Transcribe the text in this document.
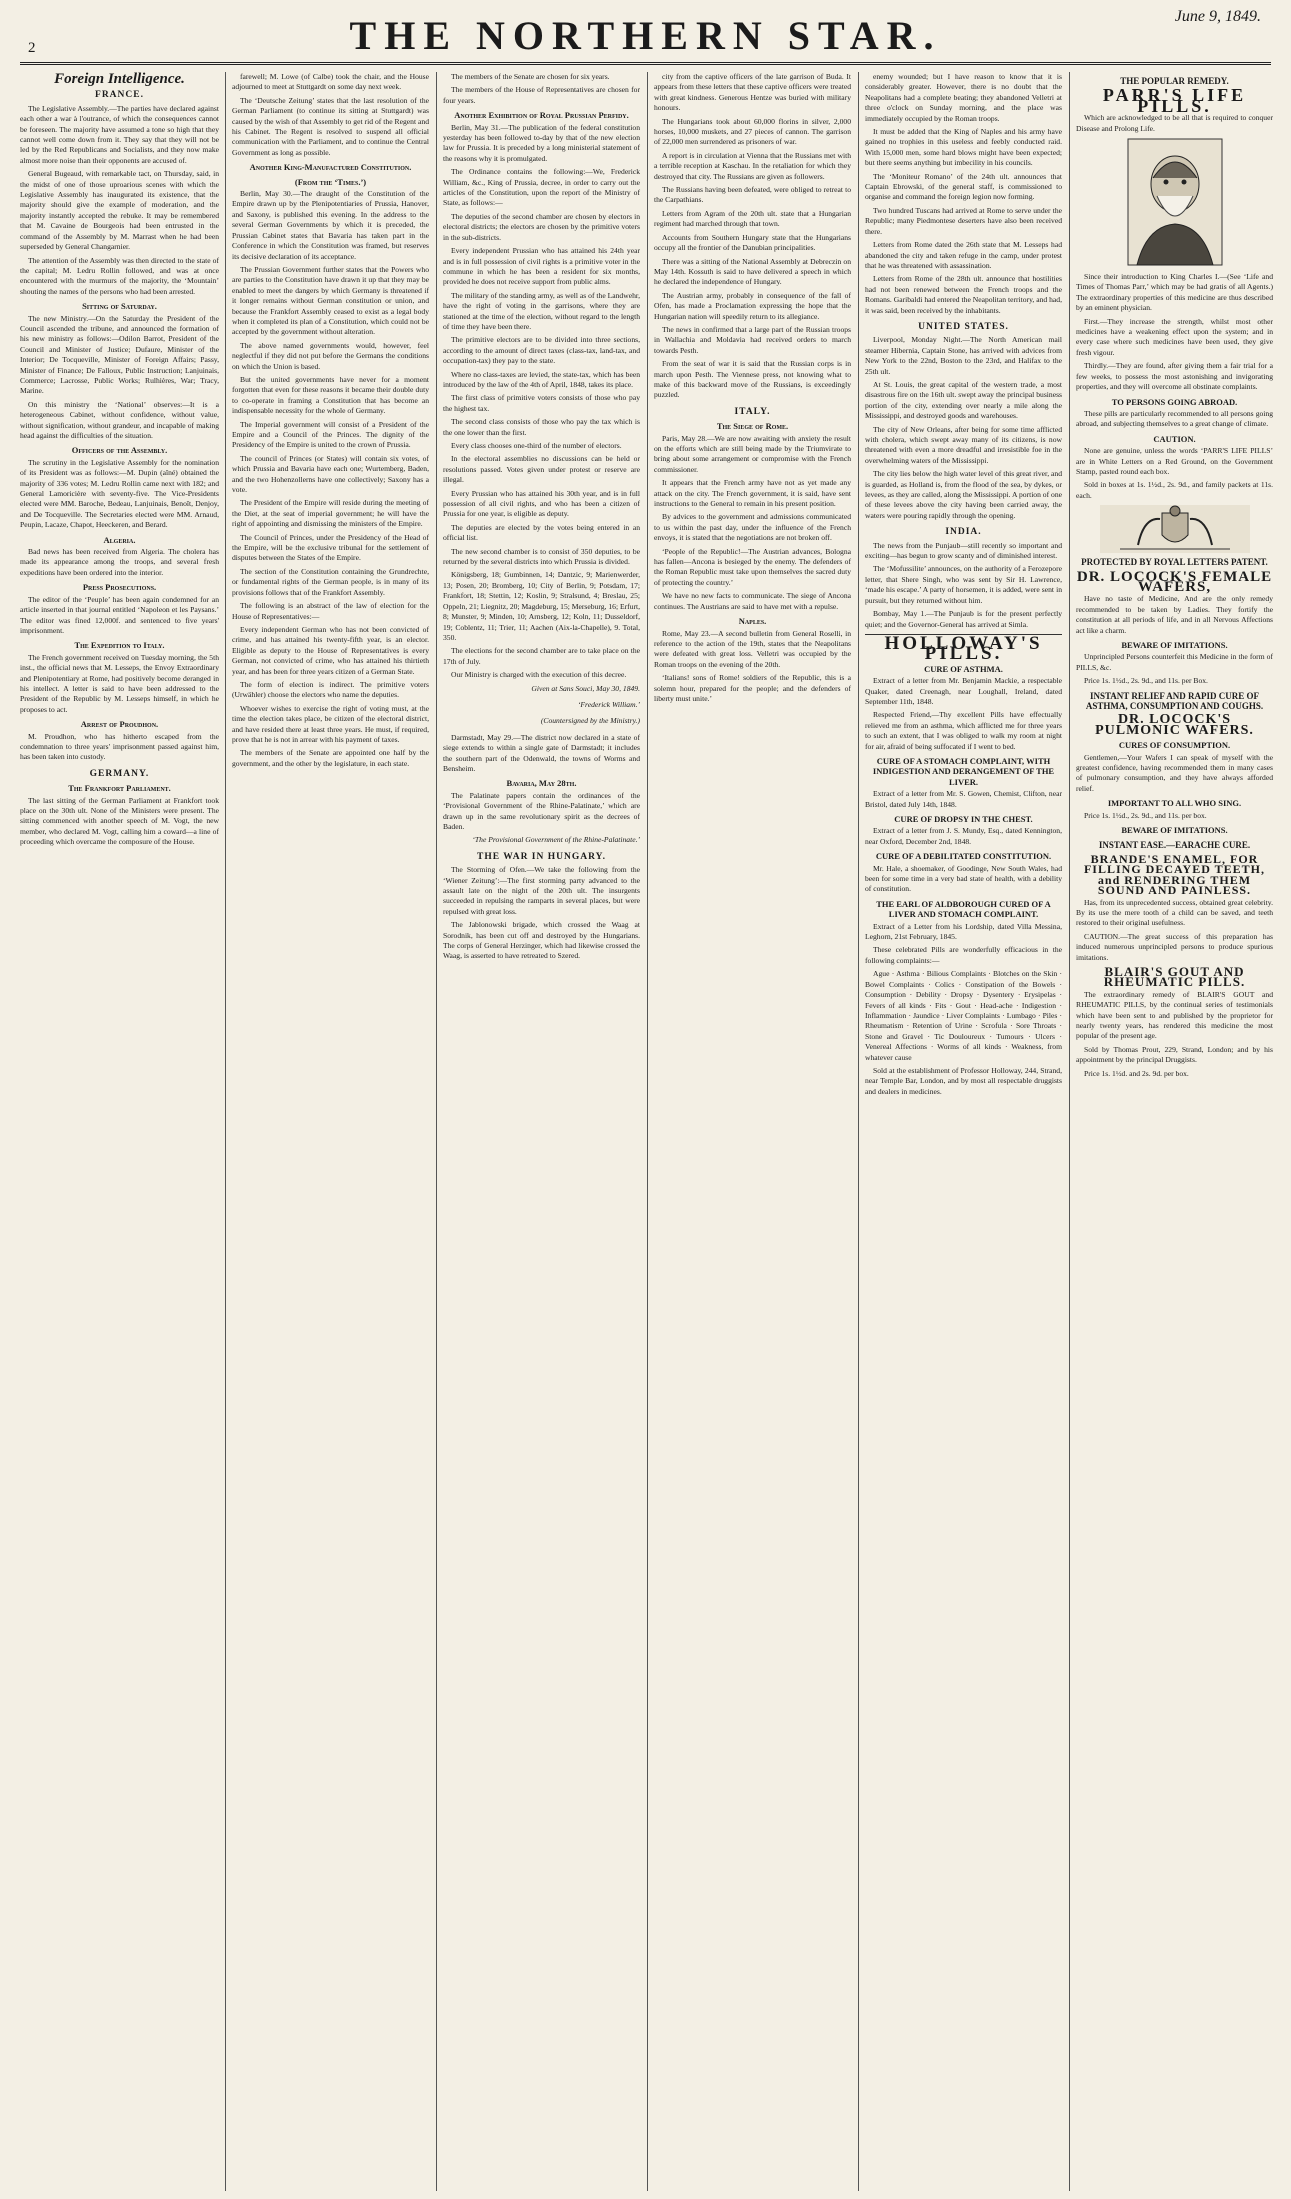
2	THE NORTHERN STAR.	June 9, 1849.
Foreign Intelligence.
FRANCE.

The Legislative Assembly.—The parties have declared against each other a war à l'outrance, of which the consequences cannot be foreseen. The majority have assumed a tone so high that they cannot well come down from it. They say that they will not be led by the Red Republicans and Socialists, and they now make almost more noise than their opponents are accused of.

General Bugeaud, with remarkable tact, on Thursday, said, in the midst of one of those uproarious scenes with which the Legislative Assembly has inaugurated its existence, that the majority should give the example of moderation, and the majority instantly accepted the rebuke. It may be remembered that M. Cavaine de Bourgeois had been entrusted in the command of the Assembly by M. Marrast when he had been superseded by General Changarnier.

The attention of the Assembly was then directed to the state of the capital; M. Ledru Rollin followed, and was at once encountered with the murmurs of the majority, the ‘Mountain’ shouting the names of the persons who had been arrested.

Sitting of Saturday.

The new Ministry.—On the Saturday the President of the Council ascended the tribune, and announced the formation of his new ministry as follows:—Odilon Barrot, President of the Council and Minister of Justice; Dufaure, Minister of the Interior; De Tocqueville, Minister of Foreign Affairs; Passy, Minister of Finance; De Falloux, Public Instruction; Lanjuinais, Commerce; Lacrosse, Public Works; Rulhières, War; Tracy, Marine.

On this ministry the ‘National’ observes:—It is a heterogeneous Cabinet, without confidence, without value, without signification, without grandeur, and incapable of making head against the difficulties of the situation.

Officers of the Assembly.

The scrutiny in the Legislative Assembly for the nomination of its President was as follows:—M. Dupin (aîné) obtained the majority of 336 votes; M. Ledru Rollin came next with 182; and General Lamoricière with seventy-five. The Vice-Presidents elected were MM. Baroche, Bedeau, Lanjuinais, Benoît, Denjoy, and De Tocqueville. The Secretaries elected were MM. Arnaud, Peupin, Lacaze, Chapot, Heeckeren, and Berard.

Algeria.

Bad news has been received from Algeria. The cholera has made its appearance among the troops, and several fresh expeditions have been ordered into the interior.

Press Prosecutions.

The editor of the ‘Peuple’ has been again condemned for an article inserted in that journal entitled ‘Napoleon et les Paysans.’ The editor was fined 12,000f. and sentenced to five years' imprisonment.

The Expedition to Italy.

The French government received on Tuesday morning, the 5th inst., the official news that M. Lesseps, the Envoy Extraordinary and Plenipotentiary at Rome, had positively become deranged in his intellect. A letter is said to have been addressed to the President of the Republic by M. Lesseps himself, in which he proposes to act.

Arrest of Proudhon.

M. Proudhon, who has hitherto escaped from the condemnation to three years' imprisonment passed against him, has been taken into custody.

GERMANY.
The Frankfort Parliament.

The last sitting of the German Parliament at Frankfort took place on the 30th ult. None of the Ministers were present. The sitting commenced with another speech of M. Vogt, the new member, who declared M. Vogt, calling him a coward—a line of proceeding which overcame the composure of the House.

farewell; M. Lowe (of Calbe) took the chair, and the House adjourned to meet at Stuttgardt on some day next week.

The ‘Deutsche Zeitung’ states that the last resolution of the German Parliament (to continue its sitting at Stuttgardt) was caused by the wish of that Assembly to get rid of the Regent and his Cabinet. The Regent is resolved to suspend all official communication with the Parliament, and to continue the Central Government as long as possible.

Another King-Manufactured Constitution.
(From the ‘Times.’)

Berlin, May 30.—The draught of the Constitution of the Empire drawn up by the Plenipotentiaries of Prussia, Hanover, and Saxony, is published this evening. In the address to the several German Governments by which it is preceded, the Prussian Cabinet states that Bavaria has taken part in the Conference in which the Constitution was framed, but reserves its decisive declaration of its acceptance.

The Prussian Government further states that the Powers who are parties to the Constitution have drawn it up that they may be enabled to meet the dangers by which Germany is threatened if it longer remains without German constitution or union, and because the Frankfort Assembly ceased to exist as a legal body when it completed its plan of a Constitution, which could not be accepted by the government without alteration.

The above named governments would, however, feel neglectful if they did not put before the Germans the conditions on which the Union is based.

But the united governments have never for a moment forgotten that even for these reasons it became their double duty to co-operate in framing a Constitution that has become an indispensable necessity for the whole of Germany.

The Imperial government will consist of a President of the Empire and a Council of the Princes. The dignity of the Presidency of the Empire is united to the crown of Prussia.

The council of Princes (or States) will contain six votes, of which Prussia and Bavaria have each one; Wurtemberg, Baden, and the two Hohenzollerns have one collectively; Saxony has a vote.

The President of the Empire will reside during the meeting of the Diet, at the seat of imperial government; he will have the right of appointing and dismissing the ministers of the Empire.

The Council of Princes, under the Presidency of the Head of the Empire, will be the exclusive tribunal for the settlement of disputes between the States of the Empire.

The section of the Constitution containing the Grundrechte, or fundamental rights of the German people, is in many of its provisions follows that of the Frankfort Assembly.

The following is an abstract of the law of election for the House of Representatives:—

Every independent German who has not been convicted of crime, and has attained his twenty-fifth year, is an elector. Eligible as deputy to the House of Representatives is every German, not convicted of crime, who has attained his thirtieth year, and has been for three years citizen of a German State.

The form of election is indirect. The primitive voters (Urwähler) choose the electors who name the deputies.

Whoever wishes to exercise the right of voting must, at the time the election takes place, be citizen of the electoral district, and have resided there at least three years. He must, if required, prove that he is not in arrear with his payment of taxes.

The members of the Senate are appointed one half by the government, and the other by the legislature, in each state.

The members of the Senate are chosen for six years.

The members of the House of Representatives are chosen for four years.

Another Exhibition of Royal Prussian Perfidy.

Berlin, May 31.—The publication of the federal constitution yesterday has been followed to-day by that of the new election law for Prussia. It is preceded by a long ministerial statement of the reasons why it is promulgated.

The Ordinance contains the following:—We, Frederick William, &c., King of Prussia, decree, in order to carry out the articles of the Constitution, upon the report of the Ministry of State, as follows:—

The deputies of the second chamber are chosen by electors in electoral districts; the electors are chosen by the primitive voters in the sub-districts.

Every independent Prussian who has attained his 24th year and is in full possession of civil rights is a primitive voter in the commune in which he has been a resident for six months, provided he does not receive support from public alms.

The military of the standing army, as well as of the Landwehr, have the right of voting in the garrisons, where they are stationed at the time of the election, without regard to the length of time they have been there.

The primitive electors are to be divided into three sections, according to the amount of direct taxes (class-tax, land-tax, and occupation-tax) they pay to the state.

Where no class-taxes are levied, the state-tax, which has been introduced by the law of the 4th of April, 1848, takes its place.

The first class of primitive voters consists of those who pay the highest tax.

The second class consists of those who pay the tax which is the one lower than the first.

Every class chooses one-third of the number of electors.

In the electoral assemblies no discussions can be held or resolutions passed. Votes given under protest or reserve are illegal.

Every Prussian who has attained his 30th year, and is in full possession of all civil rights, and who has been a citizen of Prussia for one year, is eligible as deputy.

The deputies are elected by the votes being entered in an official list.

The new second chamber is to consist of 350 deputies, to be returned by the several districts into which Prussia is divided.

Königsberg, 18; Gumbinnen, 14; Dantzic, 9; Marienwerder, 13; Posen, 20; Bromberg, 10; City of Berlin, 9; Potsdam, 17; Frankfort, 18; Stettin, 12; Koslin, 9; Stralsund, 4; Breslau, 25; Oppeln, 21; Liegnitz, 20; Magdeburg, 15; Merseburg, 16; Erfurt, 8; Munster, 9; Minden, 10; Arnsberg, 12; Koln, 11; Dusseldorf, 19; Coblentz, 11; Trier, 11; Aachen (Aix-la-Chapelle), 9. Total, 350.

The elections for the second chamber are to take place on the 17th of July.

Our Ministry is charged with the execution of this decree.

Given at Sans Souci, May 30, 1849.
‘Frederick William.’
(Countersigned by the Ministry.)

Darmstadt, May 29.—The district now declared in a state of siege extends to within a single gate of Darmstadt; it includes the southern part of the Odenwald, the towns of Worms and Bensheim.

Bavaria, May 28th.

The Palatinate papers contain the ordinances of the ‘Provisional Government of the Rhine-Palatinate,’ which are drawn up in the same revolutionary spirit as the decrees of Baden.

‘The Provisional Government of the Rhine-Palatinate.’
THE WAR IN HUNGARY.

The Storming of Ofen.—We take the following from the ‘Wiener Zeitung’:—The first storming party advanced to the assault late on the night of the 20th ult. The insurgents succeeded in repulsing the ramparts in several places, but were repulsed with great loss.

The Jablonowski brigade, which crossed the Waag at Sorodnik, has been cut off and destroyed by the Hungarians. The corps of General Herzinger, which had likewise crossed the Waag, is asserted to have retreated to Szered.

city from the captive officers of the late garrison of Buda. It appears from these letters that these captive officers were treated with great kindness. Generous Hentze was buried with military honours.

The Hungarians took about 60,000 florins in silver, 2,000 horses, 10,000 muskets, and 27 pieces of cannon. The garrison of 22,000 men surrendered as prisoners of war.

A report is in circulation at Vienna that the Russians met with a terrible reception at Kaschau. In the retaliation for which they destroyed that city. The Russians are given as followers.

The Russians having been defeated, were obliged to retreat to the Carpathians.

Letters from Agram of the 20th ult. state that a Hungarian regiment had marched through that town.

Accounts from Southern Hungary state that the Hungarians occupy all the frontier of the Danubian principalities.

There was a sitting of the National Assembly at Debreczin on May 14th. Kossuth is said to have delivered a speech in which he declared the independence of Hungary.

The Austrian army, probably in consequence of the fall of Ofen, has made a Proclamation expressing the hope that the Hungarian nation will speedily return to its allegiance.

The news in confirmed that a large part of the Russian troops in Wallachia and Moldavia had received orders to march towards Pesth.

From the seat of war it is said that the Russian corps is in march upon Pesth. The Viennese press, not knowing what to make of this backward move of the Russians, is exceedingly puzzled.

ITALY.
The Siege of Rome.

Paris, May 28.—We are now awaiting with anxiety the result on the efforts which are still being made by the Triumvirate to bring about some arrangement or compromise with the French commissioner.

It appears that the French army have not as yet made any attack on the city. The French government, it is said, have sent instructions to the General to remain in his present position.

By advices to the government and admissions communicated to us within the past day, under the influence of the French envoys, it is stated that the negotiations are not broken off.

‘People of the Republic!—The Austrian advances, Bologna has fallen—Ancona is besieged by the enemy. The defenders of the Roman Republic must take upon themselves the sacred duty of protecting the country.’

We have no new facts to communicate. The siege of Ancona continues. The Austrians are said to have met with a repulse.

Naples.

Rome, May 23.—A second bulletin from General Roselli, in reference to the action of the 19th, states that the Neapolitans were defeated with great loss. Velletri was occupied by the Roman troops on the evening of the 20th.

‘Italians! sons of Rome! soldiers of the Republic, this is a solemn hour, prepared for the people; and the defenders of liberty must unite.’

enemy wounded; but I have reason to know that it is considerably greater. However, there is no doubt that the Neapolitans had a complete beating; they abandoned Velletri at three o'clock on Sunday morning, and the place was immediately occupied by the Roman troops.

It must be added that the King of Naples and his army have gained no trophies in this useless and feebly conducted raid. With 15,000 men, some hard blows might have been expected; but there seems anything but imbecility in his councils.

The ‘Moniteur Romano’ of the 24th ult. announces that Captain Ebrowski, of the general staff, is commissioned to organise and command the foreign legion now forming.

Two hundred Tuscans had arrived at Rome to serve under the Republic; many Piedmontese deserters have also been received there.

Letters from Rome dated the 26th state that M. Lesseps had abandoned the city and taken refuge in the camp, under protest that he was threatened with assassination.

Letters from Rome of the 28th ult. announce that hostilities had not been renewed between the French troops and the Romans. Garibaldi had entered the Neapolitan territory, and had, it was said, been received by the inhabitants.

UNITED STATES.

Liverpool, Monday Night.—The North American mail steamer Hibernia, Captain Stone, has arrived with advices from New York to the 22nd, Boston to the 23rd, and Halifax to the 25th ult.

At St. Louis, the great capital of the western trade, a most disastrous fire on the 16th ult. swept away the principal business portion of the city, extending over nearly a mile along the Mississippi, and destroyed goods and warehouses.

The city of New Orleans, after being for some time afflicted with cholera, which swept away many of its citizens, is now threatened with even a more dreadful and irresistible foe in the overwhelming waters of the Mississippi.

The city lies below the high water level of this great river, and is guarded, as Holland is, from the flood of the sea, by dykes, or levees, as they are called, along the Mississippi. A portion of one of these levees above the city having been carried away, the waters were pouring rapidly through the opening.

INDIA.

The news from the Punjaub—still recently so important and exciting—has begun to grow scanty and of diminished interest.

The ‘Mofussilite’ announces, on the authority of a Ferozepore letter, that Shere Singh, who was sent by Sir H. Lawrence, ‘made his escape.’ A party of horsemen, it is added, were sent in pursuit, but they returned without him.

Bombay, May 1.—The Punjaub is for the present perfectly quiet; and the Governor-General has arrived at Simla.

HOLLOWAY'S PILLS.
CURE OF ASTHMA.

Extract of a letter from Mr. Benjamin Mackie, a respectable Quaker, dated Creenagh, near Loughall, Ireland, dated September 11th, 1848.

Respected Friend,—Thy excellent Pills have effectually relieved me from an asthma, which afflicted me for three years to such an extent, that I was obliged to walk my room at night for air, afraid of being suffocated if I went to bed.

CURE OF A STOMACH COMPLAINT, WITH INDIGESTION AND DERANGEMENT OF THE LIVER.

Extract of a letter from Mr. S. Gowen, Chemist, Clifton, near Bristol, dated July 14th, 1848.

CURE OF DROPSY IN THE CHEST.

Extract of a letter from J. S. Mundy, Esq., dated Kennington, near Oxford, December 2nd, 1848.

CURE OF A DEBILITATED CONSTITUTION.

Mr. Hale, a shoemaker, of Goodinge, New South Wales, had been for some time in a very bad state of health, with a debility of constitution.

THE EARL OF ALDBOROUGH CURED OF A LIVER AND STOMACH COMPLAINT.

Extract of a Letter from his Lordship, dated Villa Messina, Leghorn, 21st February, 1845.

These celebrated Pills are wonderfully efficacious in the following complaints:—

Ague · Asthma · Bilious Complaints · Blotches on the Skin · Bowel Complaints · Colics · Constipation of the Bowels · Consumption · Debility · Dropsy · Dysentery · Erysipelas · Fevers of all kinds · Fits · Gout · Head-ache · Indigestion · Inflammation · Jaundice · Liver Complaints · Lumbago · Piles · Rheumatism · Retention of Urine · Scrofula · Sore Throats · Stone and Gravel · Tic Douloureux · Tumours · Ulcers · Venereal Affections · Worms of all kinds · Weakness, from whatever cause

Sold at the establishment of Professor Holloway, 244, Strand, near Temple Bar, London, and by most all respectable druggists and dealers in medicines.

THE POPULAR REMEDY.
PARR'S LIFE PILLS.

Which are acknowledged to be all that is required to conquer Disease and Prolong Life.

Since their introduction to King Charles I.—(See ‘Life and Times of Thomas Parr,’ which may be had gratis of all Agents.) The extraordinary properties of this medicine are thus described by an eminent physician.

First.—They increase the strength, whilst most other medicines have a weakening effect upon the system; and in every case where such medicines have been used, they give fresh vigour.

Thirdly.—They are found, after giving them a fair trial for a few weeks, to possess the most astonishing and invigorating properties, and they will overcome all obstinate complaints.

TO PERSONS GOING ABROAD.

These pills are particularly recommended to all persons going abroad, and subjecting themselves to a great change of climate.

CAUTION.

None are genuine, unless the words ‘PARR'S LIFE PILLS’ are in White Letters on a Red Ground, on the Government Stamp, pasted round each box.

Sold in boxes at 1s. 1½d., 2s. 9d., and family packets at 11s. each.

PROTECTED BY ROYAL LETTERS PATENT.
DR. LOCOCK'S FEMALE WAFERS,

Have no taste of Medicine, And are the only remedy recommended to be taken by Ladies. They fortify the constitution at all periods of life, and in all Nervous Affections act like a charm.

BEWARE OF IMITATIONS.

Unprincipled Persons counterfeit this Medicine in the form of PILLS, &c.

Price 1s. 1½d., 2s. 9d., and 11s. per Box.

INSTANT RELIEF AND RAPID CURE OF ASTHMA, CONSUMPTION AND COUGHS.
DR. LOCOCK'S PULMONIC WAFERS.
CURES OF CONSUMPTION.

Gentlemen,—Your Wafers I can speak of myself with the greatest confidence, having recommended them in many cases of pulmonary consumption, and they have always afforded relief.

IMPORTANT TO ALL WHO SING.

Price 1s. 1½d., 2s. 9d., and 11s. per box.

BEWARE OF IMITATIONS.
INSTANT EASE.—EARACHE CURE.
BRANDE'S ENAMEL, FOR FILLING DECAYED TEETH, and RENDERING THEM SOUND AND PAINLESS.

Has, from its unprecedented success, obtained great celebrity. By its use the mere tooth of a child can be saved, and teeth restored to their original usefulness.

CAUTION.—The great success of this preparation has induced numerous unprincipled persons to produce spurious imitations.

BLAIR'S GOUT AND RHEUMATIC PILLS.

The extraordinary remedy of BLAIR'S GOUT and RHEUMATIC PILLS, by the continual series of testimonials which have been sent to and published by the proprietor for nearly twenty years, has rendered this medicine the most popular of the present age.

Sold by Thomas Prout, 229, Strand, London; and by his appointment by the principal Druggists.

Price 1s. 1½d. and 2s. 9d. per box.
